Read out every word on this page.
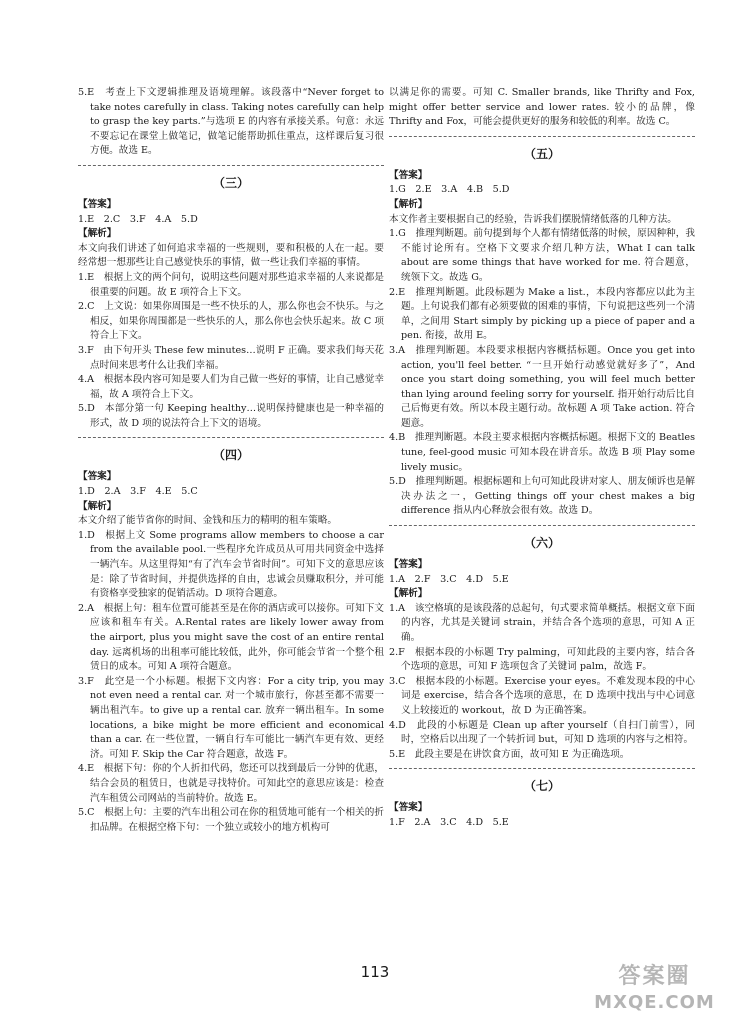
5.E　考查上下文逻辑推理及语境理解。该段落中“Never forget to take notes carefully in class. Taking notes carefully can help to grasp the key parts.”与选项 E 的内容有承接关系。句意：永远不要忘记在课堂上做笔记，做笔记能帮助抓住重点，这样课后复习很方便。故选 E。

（三）

【答案】

1.E　2.C　3.F　4.A　5.D

【解析】

本文向我们讲述了如何追求幸福的一些规则，要和积极的人在一起。要经常想一想那些让自己感觉快乐的事情，做一些让我们幸福的事情。

1.E　根据上文的两个问句，说明这些问题对那些追求幸福的人来说都是很重要的问题。故 E 项符合上下文。

2.C　上文说：如果你周围是一些不快乐的人，那么你也会不快乐。与之相反，如果你周围都是一些快乐的人，那么你也会快乐起来。故 C 项符合上下文。

3.F　由下句开头 These few minutes…说明 F 正确。要求我们每天花点时间来思考什么让我们幸福。

4.A　根据本段内容可知是要人们为自己做一些好的事情，让自己感觉幸福，故 A 项符合上下文。

5.D　本部分第一句 Keeping healthy…说明保持健康也是一种幸福的形式，故 D 项的说法符合上下文的语境。

（四）

【答案】

1.D　2.A　3.F　4.E　5.C

【解析】

本文介绍了能节省你的时间、金钱和压力的精明的租车策略。

1.D　根据上文 Some programs allow members to choose a car from the available pool.一些程序允许成员从可用共同资金中选择一辆汽车。从这里得知“有了汽车会节省时间”。可知下文的意思应该是：除了节省时间，并提供选择的自由，忠诚会员赚取积分，并可能有资格享受独家的促销活动。D 项符合题意。

2.A　根据上句：租车位置可能甚至是在你的酒店或可以接你。可知下文应该和租车有关。A.Rental rates are likely lower away from the airport, plus you might save the cost of an entire rental day. 远离机场的出租率可能比较低，此外，你可能会节省一个整个租赁日的成本。可知 A 项符合题意。

3.F　此空是一个小标题。根据下文内容：For a city trip, you may not even need a rental car. 对一个城市旅行，你甚至都不需要一辆出租汽车。to give up a rental car. 放弃一辆出租车。In some locations, a bike might be more efficient and economical than a car. 在一些位置，一辆自行车可能比一辆汽车更有效、更经济。可知 F. Skip the Car 符合题意，故选 F。

4.E　根据下句：你的个人折扣代码，您还可以找到最后一分钟的优惠，结合会员的租赁日，也就是寻找特价。可知此空的意思应该是：检查汽车租赁公司网站的当前特价。故选 E。

5.C　根据上句：主要的汽车出租公司在你的租赁地可能有一个相关的折扣品牌。在根据空格下句：一个独立或较小的地方机构可

以满足你的需要。可知 C. Smaller brands, like Thrifty and Fox, might offer better service and lower rates. 较小的品牌，像 Thrifty and Fox，可能会提供更好的服务和较低的利率。故选 C。

（五）

【答案】

1.G　2.E　3.A　4.B　5.D

【解析】

本文作者主要根据自己的经验，告诉我们摆脱情绪低落的几种方法。

1.G　推理判断题。前句提到每个人都有情绪低落的时候，原因种种，我不能讨论所有。空格下文要求介绍几种方法，What I can talk about are some things that have worked for me. 符合题意，统领下文。故选 G。

2.E　推理判断题。此段标题为 Make a list.，本段内容都应以此为主题。上句说我们都有必须要做的困难的事情，下句说把这些列一个清单，之间用 Start simply by picking up a piece of paper and a pen. 衔接，故用 E。

3.A　推理判断题。本段要求根据内容概括标题。Once you get into action, you'll feel better. “一旦开始行动感觉就好多了”，And once you start doing something, you will feel much better than lying around feeling sorry for yourself. 指开始行动后比自己后悔更有效。所以本段主题行动。故标题 A 项 Take action. 符合题意。

4.B　推理判断题。本段主要求根据内容概括标题。根据下文的 Beatles tune, feel-good music 可知本段在讲音乐。故选 B 项 Play some lively music。

5.D　推理判断题。根据标题和上句可知此段讲对家人、朋友倾诉也是解决办法之一，Getting things off your chest makes a big difference 指从内心释放会很有效。故选 D。

（六）

【答案】

1.A　2.F　3.C　4.D　5.E

【解析】

1.A　该空格填的是该段落的总起句，句式要求简单概括。根据文章下面的内容，尤其是关键词 strain，并结合各个选项的意思，可知 A 正确。

2.F　根据本段的小标题 Try palming，可知此段的主要内容，结合各个选项的意思，可知 F 选项包含了关键词 palm，故选 F。

3.C　根据本段的小标题。Exercise your eyes。不难发现本段的中心词是 exercise，结合各个选项的意思，在 D 选项中找出与中心词意义上较接近的 workout，故 D 为正确答案。

4.D　此段的小标题是 Clean up after yourself（自扫门前雪），同时，空格后以出现了一个转折词 but，可知 D 选项的内容与之相符。

5.E　此段主要是在讲饮食方面，故可知 E 为正确选项。

（七）

【答案】

1.F　2.A　3.C　4.D　5.E

113	答案圈
MXQE.COM
